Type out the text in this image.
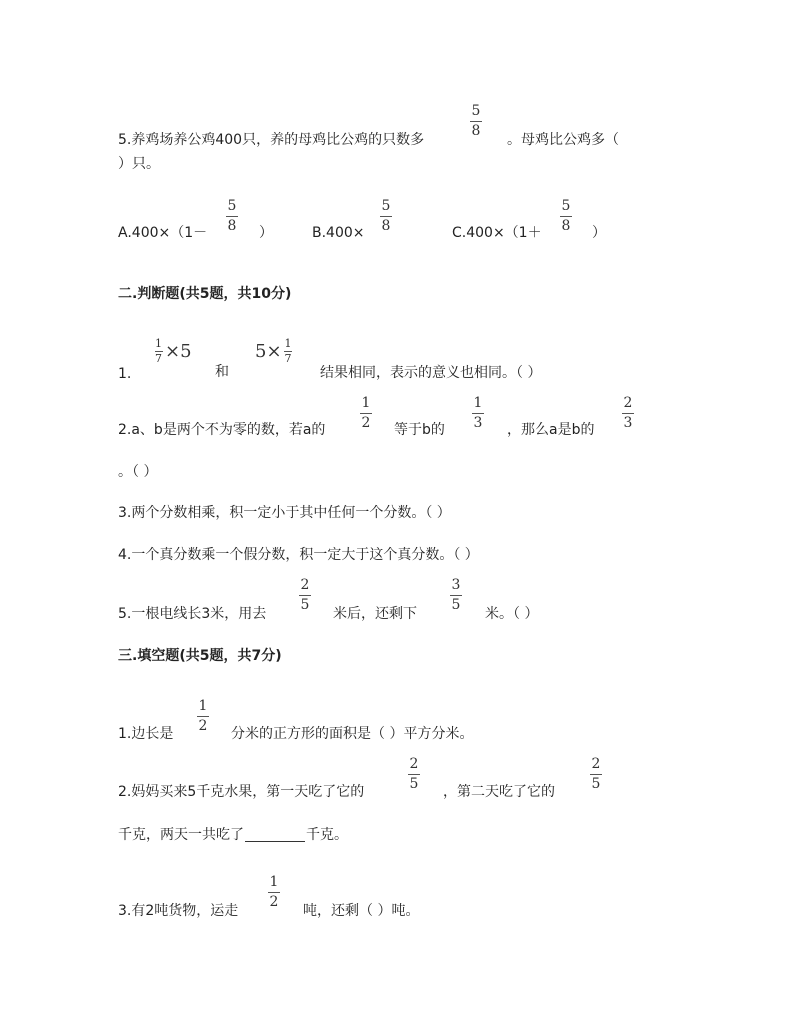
5.养鸡场养公鸡400只，养的母鸡比公鸡的只数多
5
8
。母鸡比公鸡多（
）只。
A.400×（1－
5
8 ）	B.400×
5
8	C.400×（1＋
5
8 ）
二.判断题(共5题，共10分)
1.
$\frac{1}{7} \times 5$
和
$5\times \frac{1}{7}$
结果相同，表示的意义也相同。（ ）
2.a、b是两个不为零的数，若a的
1
2 等于b的
1
3 ，那么a是b的
2
3
。（ ）
3.两个分数相乘，积一定小于其中任何一个分数。（ ）
4.一个真分数乘一个假分数，积一定大于这个真分数。（ ）
5.一根电线长3米，用去
2
5
米后，还剩下
3
5
米。（ ）
三.填空题(共5题，共7分)
1.边长是
1
2 分米的正方形的面积是（ ）平方分米。
2.妈妈买来5千克水果，第一天吃了它的
2
5 ，第二天吃了它的
2
5
千克，两天一共吃了	千克。
3.有2吨货物，运走
1
2
吨，还剩（ ）吨。
